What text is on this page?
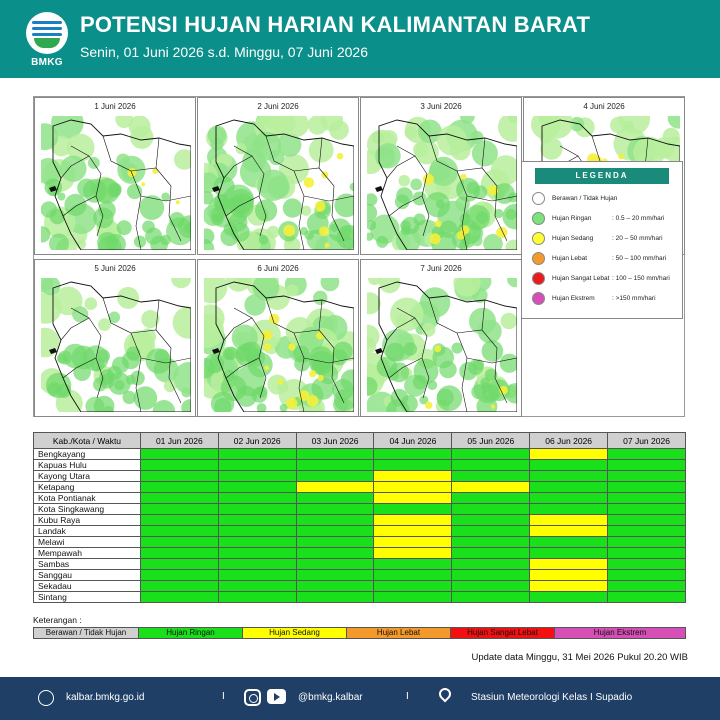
BMKG
POTENSI HUJAN HARIAN KALIMANTAN BARAT
Senin, 01 Juni 2026 s.d. Minggu, 07 Juni 2026
1 Juni 2026	2 Juni 2026	3 Juni 2026	4 Juni 2026
5 Juni 2026	6 Juni 2026	7 Juni 2026
LEGENDA
Berawan / Tidak Hujan
Hujan Ringan	: 0.5 – 20 mm/hari
Hujan Sedang	: 20 – 50 mm/hari
Hujan Lebat	: 50 – 100 mm/hari
Hujan Sangat Lebat : 100 – 150 mm/hari
Hujan Ekstrem	: >150 mm/hari
Kab./Kota / Waktu	01 Jun 2026	02 Jun 2026	03 Jun 2026	04 Jun 2026	05 Jun 2026	06 Jun 2026	07 Jun 2026
Bengkayang							
Kapuas Hulu							
Kayong Utara							
Ketapang							
Kota Pontianak							
Kota Singkawang							
Kubu Raya							
Landak							
Melawi							
Mempawah							
Sambas							
Sanggau							
Sekadau							
Sintang							
Keterangan :
Berawan / Tidak Hujan	Hujan Ringan	Hujan Sedang	Hujan Lebat	Hujan Sangat Lebat	Hujan Ekstrem
Update data Minggu, 31 Mei 2026 Pukul 20.20 WIB
kalbar.bmkg.go.id	I	@bmkg.kalbar	I	Stasiun Meteorologi Kelas I Supadio
